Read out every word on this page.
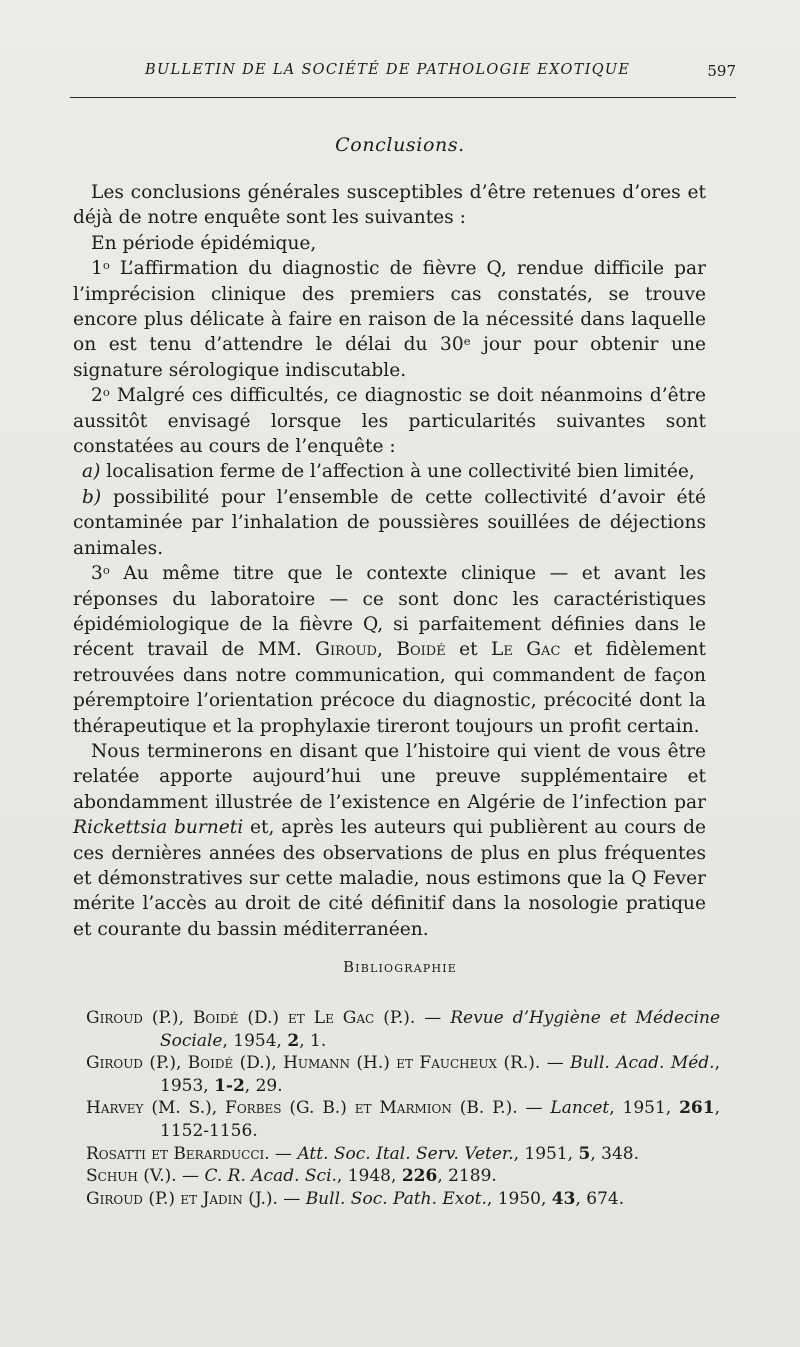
BULLETIN DE LA SOCIÉTÉ DE PATHOLOGIE EXOTIQUE	597
Conclusions.

Les conclusions générales susceptibles d’être retenues d’ores et déjà de notre enquête sont les suivantes :

En période épidémique,

1$^o$ L’affirmation du diagnostic de fièvre Q, rendue difficile par l’imprécision clinique des premiers cas constatés, se trouve encore plus délicate à faire en raison de la nécessité dans laquelle on est tenu d’attendre le délai du 30e jour pour obtenir une signature sérologique indiscutable.

2$^o$ Malgré ces difficultés, ce diagnostic se doit néanmoins d’être aussitôt envisagé lorsque les particularités suivantes sont constatées au cours de l’enquête :

a) localisation ferme de l’affection à une collectivité bien limitée,

b) possibilité pour l’ensemble de cette collectivité d’avoir été contaminée par l’inhalation de poussières souillées de déjections animales.

3$^o$ Au même titre que le contexte clinique — et avant les réponses du laboratoire — ce sont donc les caractéristiques épidémiologique de la fièvre Q, si parfaitement définies dans le récent travail de MM. Giroud, Boidé et Le Gac et fidèlement retrouvées dans notre communication, qui commandent de façon péremptoire l’orientation précoce du diagnostic, précocité dont la thérapeutique et la prophylaxie tireront toujours un profit certain.

Nous terminerons en disant que l’histoire qui vient de vous être relatée apporte aujourd’hui une preuve supplémentaire et abondamment illustrée de l’existence en Algérie de l’infection par Rickettsia burneti et, après les auteurs qui publièrent au cours de ces dernières années des observations de plus en plus fréquentes et démonstratives sur cette maladie, nous estimons que la Q Fever mérite l’accès au droit de cité définitif dans la nosologie pratique et courante du bassin méditerranéen.

Bibliographie
Giroud (P.), Boidé (D.) et Le Gac (P.). — Revue d’Hygiène et Médecine Sociale, 1954, 2, 1.
Giroud (P.), Boidé (D.), Humann (H.) et Faucheux (R.). — Bull. Acad. Méd., 1953, 1-2, 29.
Harvey (M. S.), Forbes (G. B.) et Marmion (B. P.). — Lancet, 1951, 261, 1152-1156.
Rosatti et Berarducci. — Att. Soc. Ital. Serv. Veter., 1951, 5, 348.
Schuh (V.). — C. R. Acad. Sci., 1948, 226, 2189.
Giroud (P.) et Jadin (J.). — Bull. Soc. Path. Exot., 1950, 43, 674.
